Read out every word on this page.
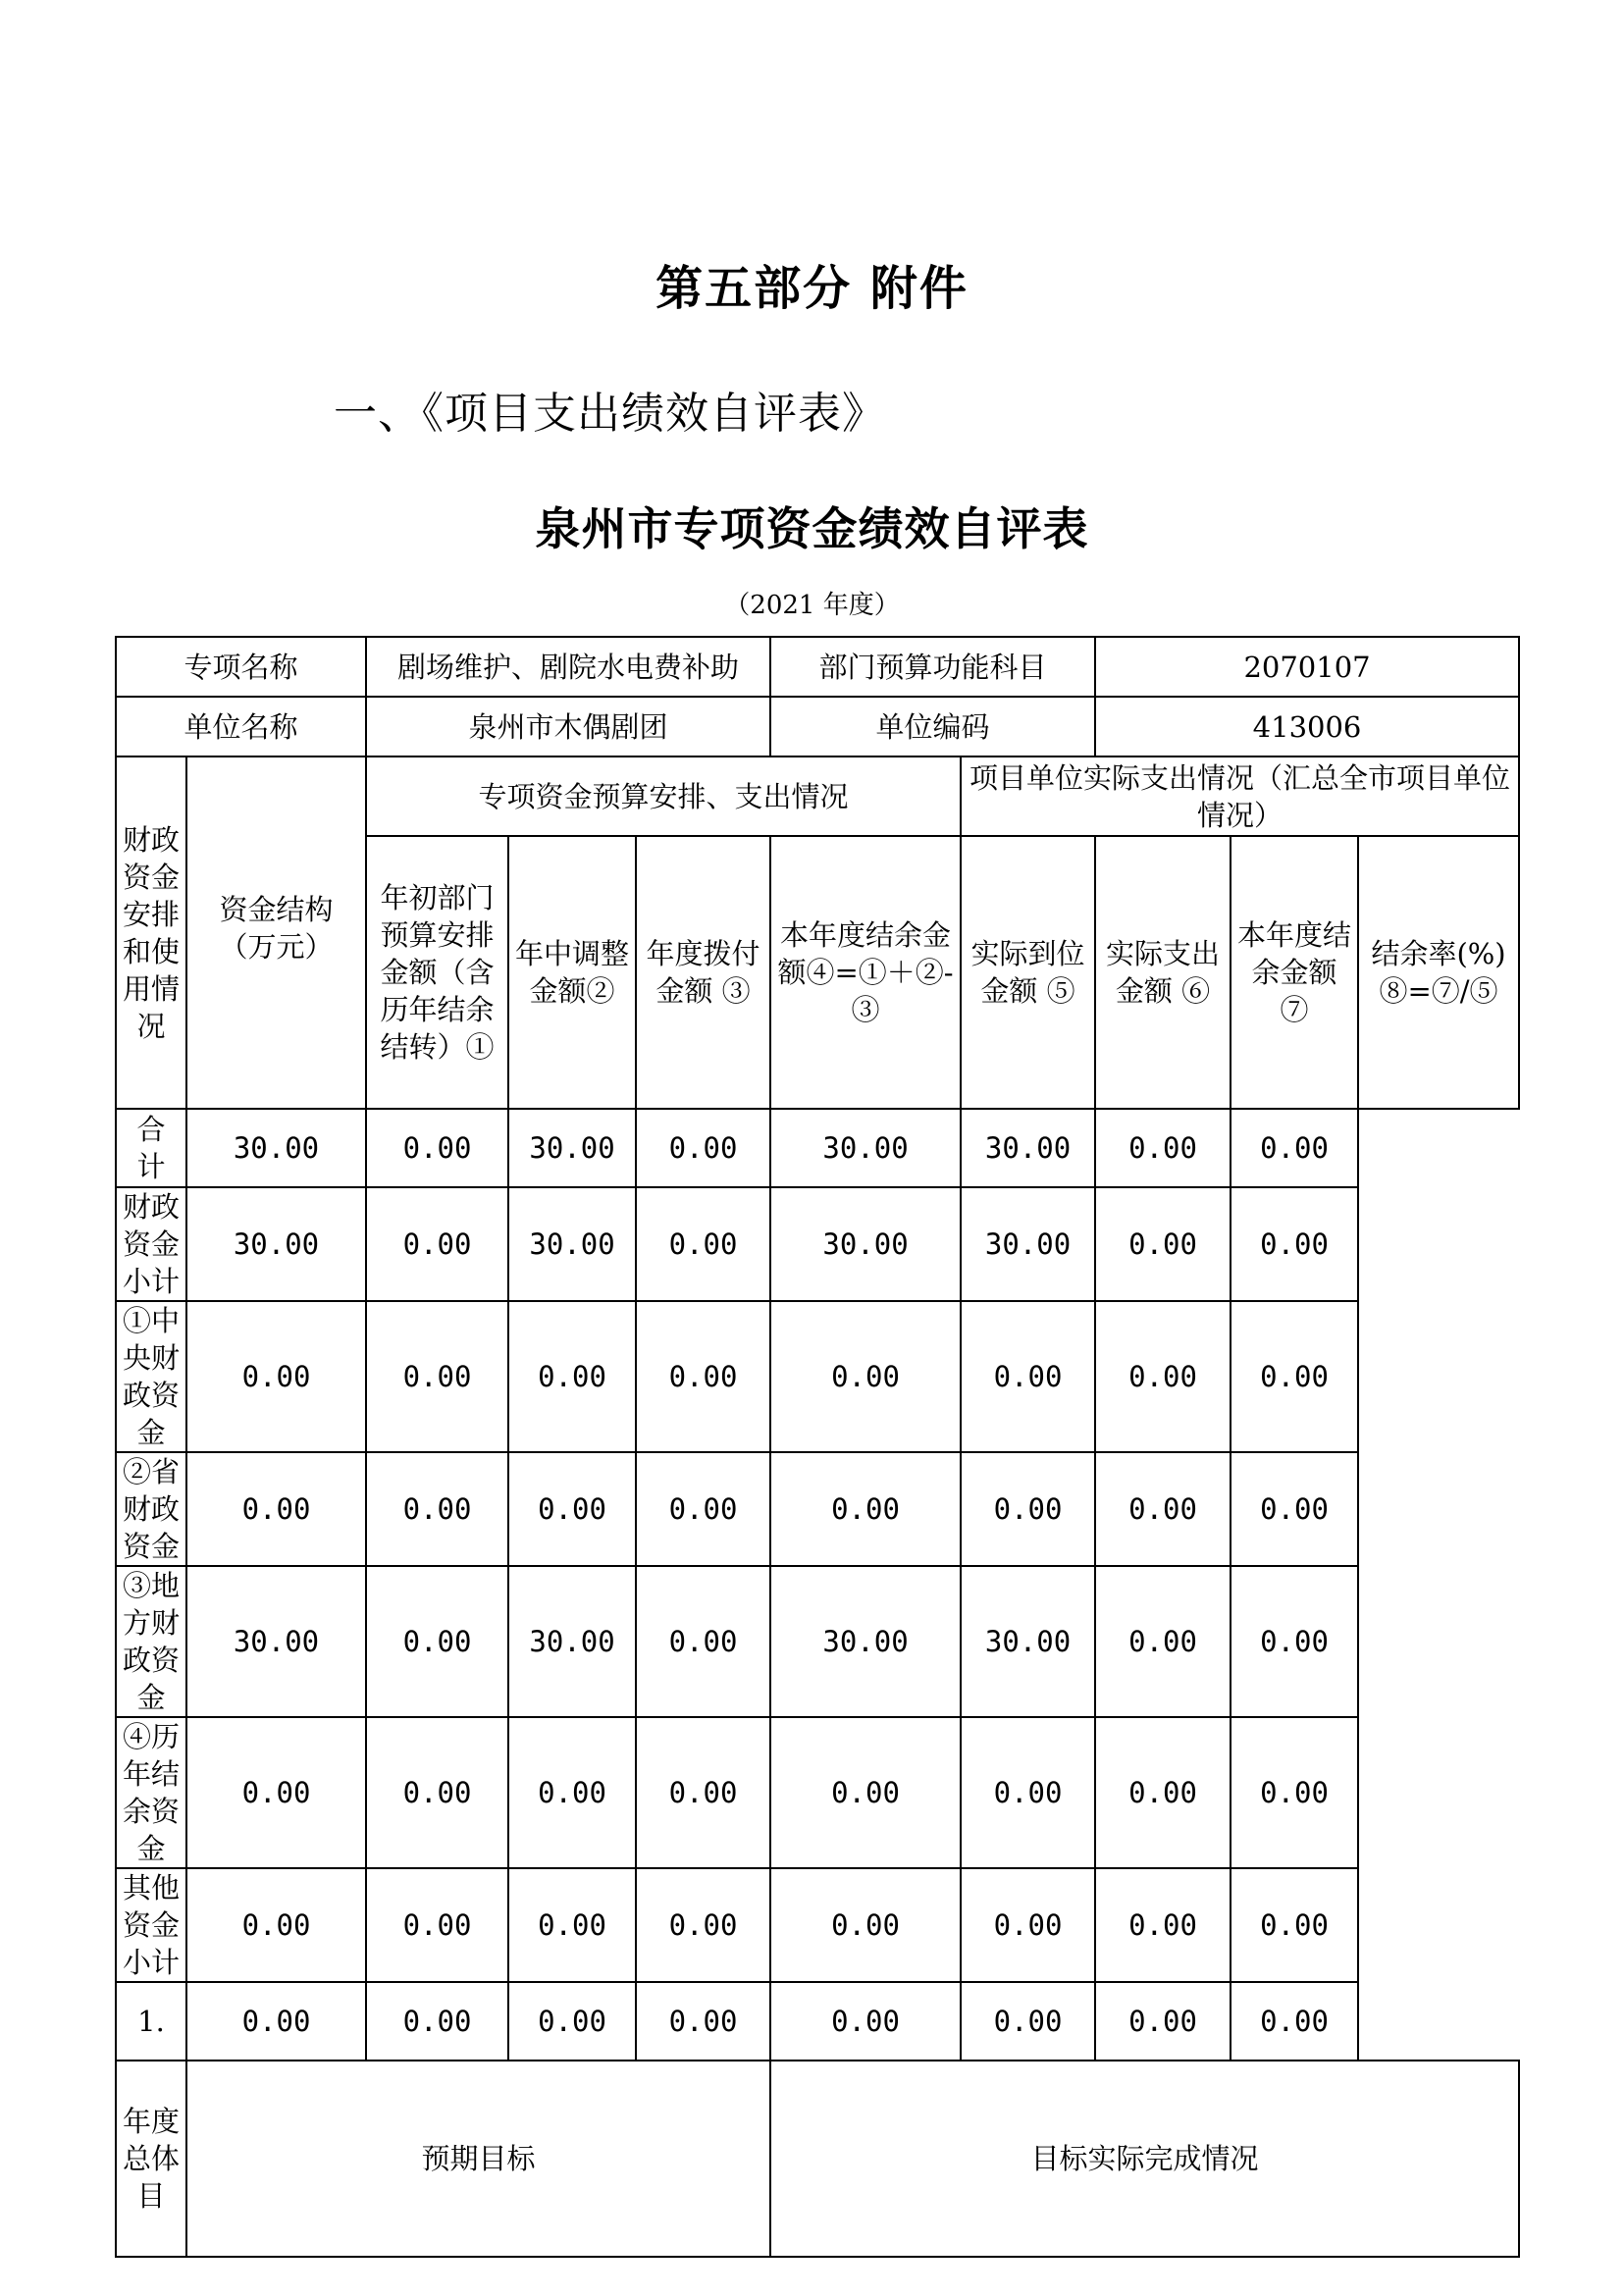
第五部分 附件
一、《项目支出绩效自评表》
泉州市专项资金绩效自评表
（2021 年度）
专项名称		剧场维护、剧院水电费补助			部门预算功能科目		2070107		
单位名称		泉州市木偶剧团			单位编码		413006		
财政资金安排和使用情况	资金结构（万元）	专项资金预算安排、支出情况				项目单位实际支出情况（汇总全市项目单位情况）			
		年初部门预算安排金额（含历年结余结转）①	年中调整金额②	年度拨付金额 ③	本年度结余金额④=①＋②-③	实际到位金额 ⑤	实际支出金额 ⑥	本年度结余金额 ⑦	结余率(%)⑧=⑦/⑤
合　计	30.00	0.00	30.00	0.00	30.00	30.00	0.00	0.00	
财政资金小计	30.00	0.00	30.00	0.00	30.00	30.00	0.00	0.00	
①中央财政资金	0.00	0.00	0.00	0.00	0.00	0.00	0.00	0.00	
②省财政资金	0.00	0.00	0.00	0.00	0.00	0.00	0.00	0.00	
③地方财政资金	30.00	0.00	30.00	0.00	30.00	30.00	0.00	0.00	
④历年结余资金	0.00	0.00	0.00	0.00	0.00	0.00	0.00	0.00	
其他资金小计	0.00	0.00	0.00	0.00	0.00	0.00	0.00	0.00	
1.	0.00	0.00	0.00	0.00	0.00	0.00	0.00	0.00	
年度总体目	预期目标				目标实际完成情况				
